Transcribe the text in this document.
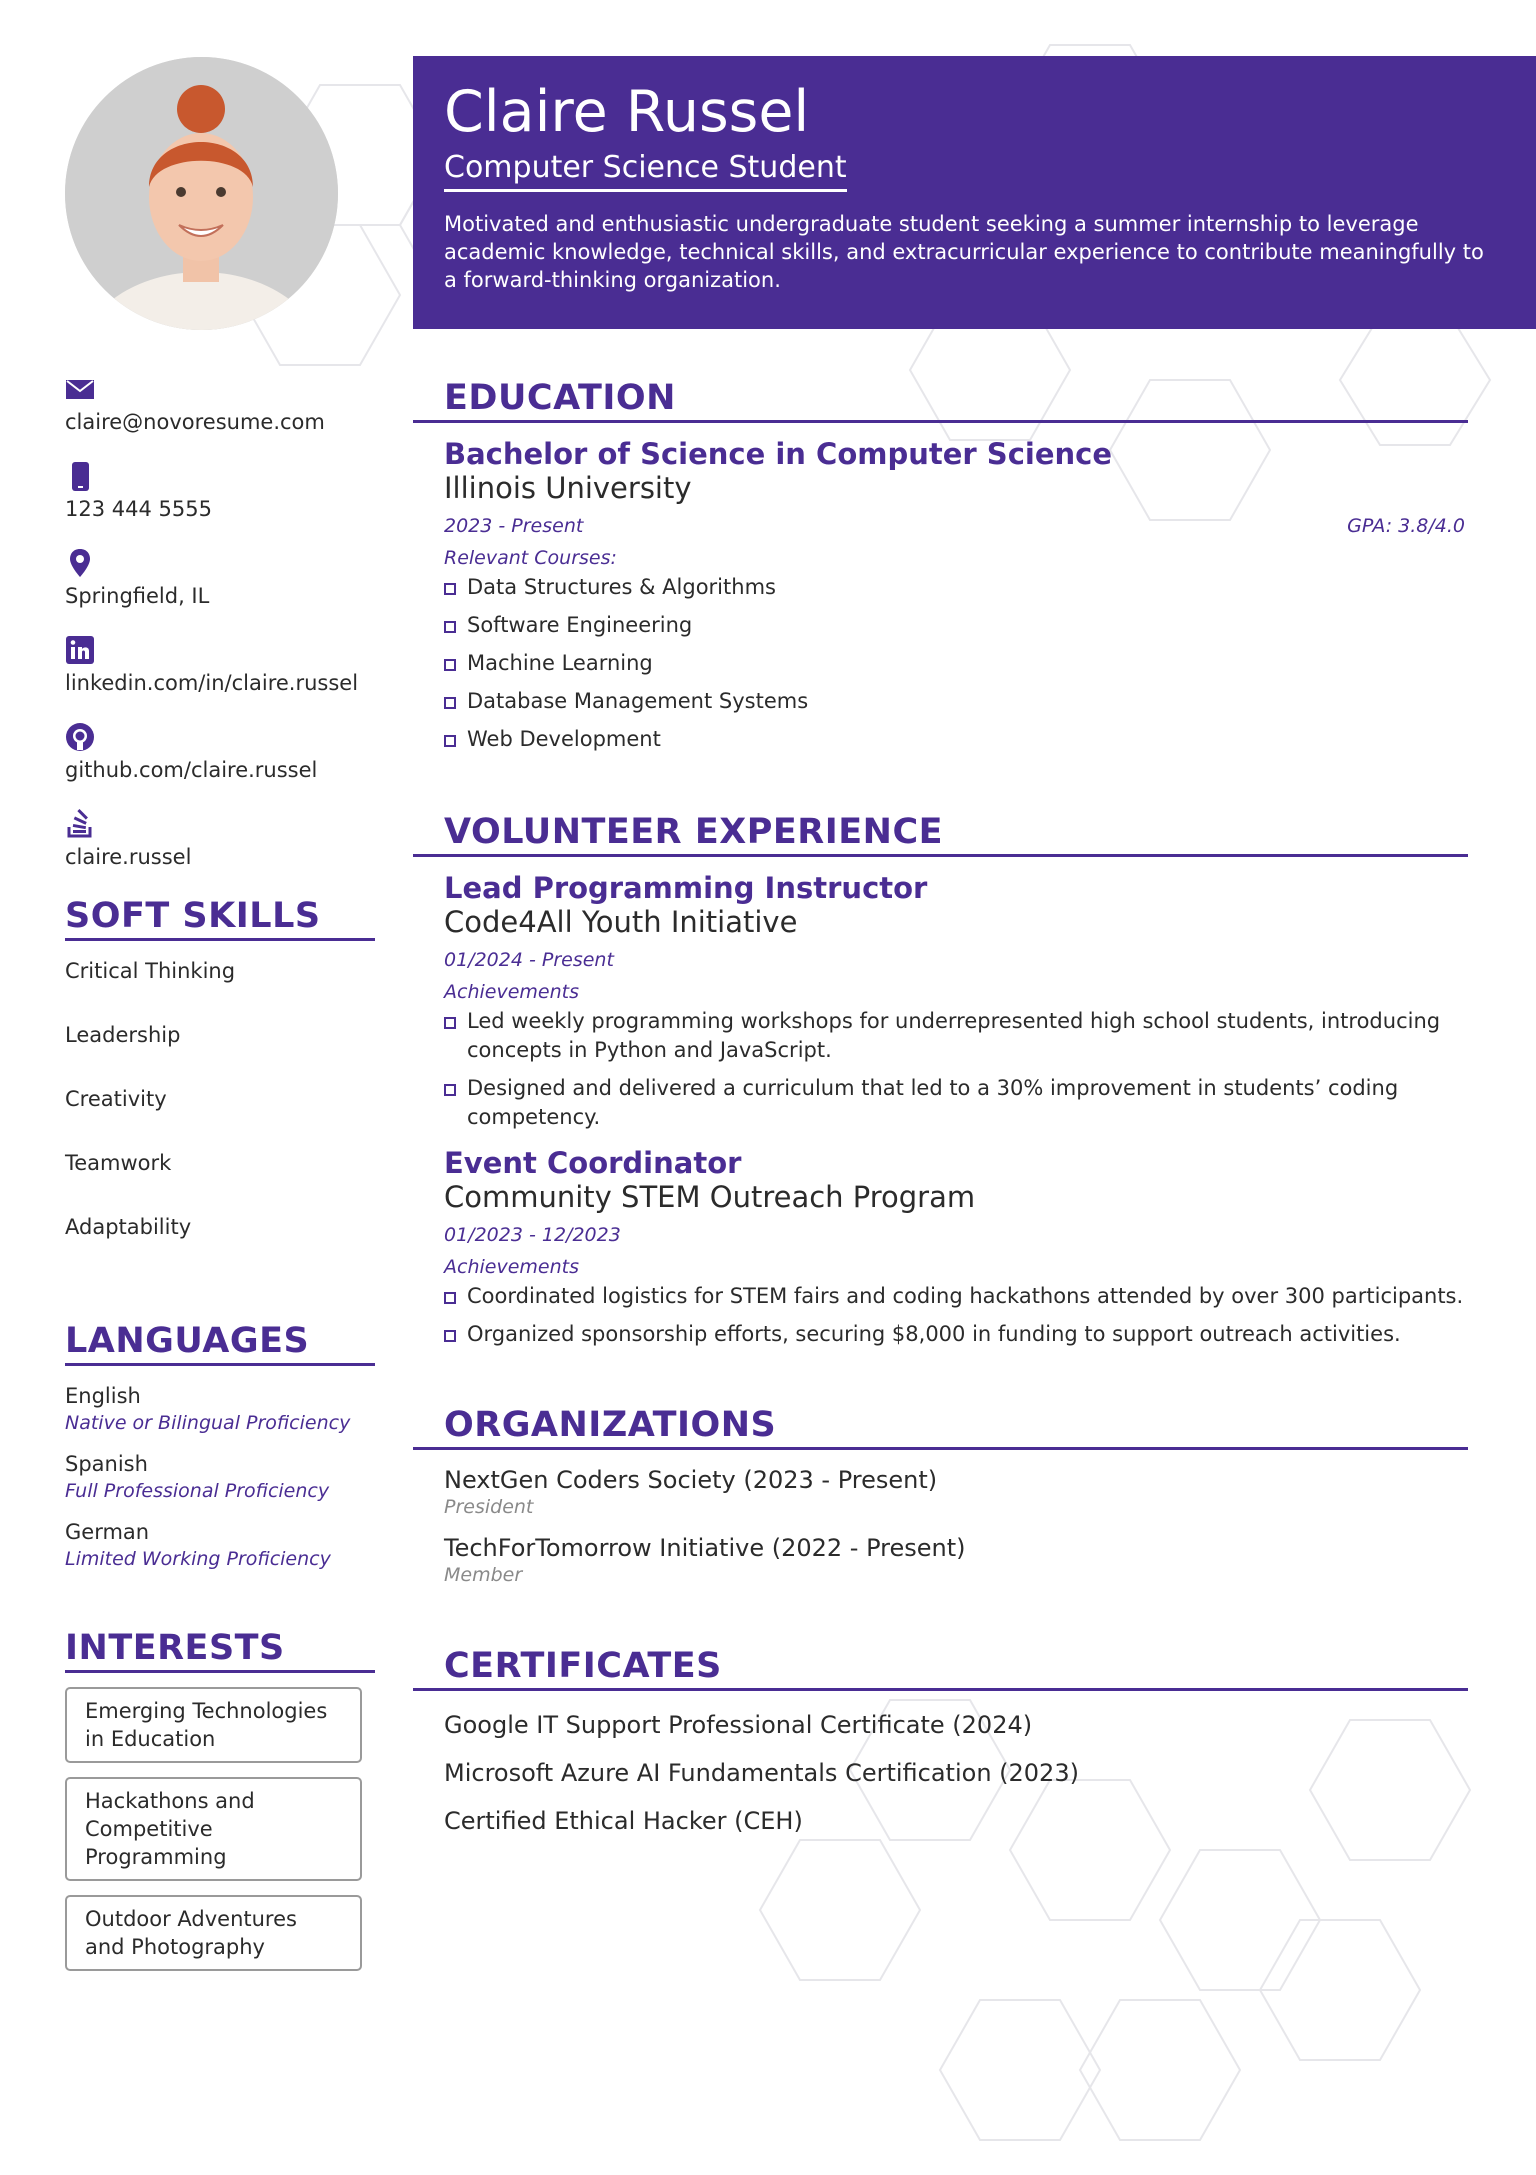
claire@novoresume.com
123 444 5555
Springfield, IL
linkedin.com/in/claire.russel
github.com/claire.russel
claire.russel
SOFT SKILLS
Critical Thinking
Leadership
Creativity
Teamwork
Adaptability
LANGUAGES
English
Native or Bilingual Proficiency
Spanish
Full Professional Proficiency
German
Limited Working Proficiency
INTERESTS
Emerging Technologies in Education
Hackathons and Competitive Programming
Outdoor Adventures and Photography
Claire Russel
Computer Science Student
Motivated and enthusiastic undergraduate student seeking a summer internship to leverage academic knowledge, technical skills, and extracurricular experience to contribute meaningfully to a forward-thinking organization.
EDUCATION
Bachelor of Science in Computer Science
Illinois University
2023 - Present	GPA: 3.8/4.0
Relevant Courses:
Data Structures & Algorithms
Software Engineering
Machine Learning
Database Management Systems
Web Development
VOLUNTEER EXPERIENCE
Lead Programming Instructor
Code4All Youth Initiative
01/2024 - Present
Achievements
Led weekly programming workshops for underrepresented high school students, introducing concepts in Python and JavaScript.
Designed and delivered a curriculum that led to a 30% improvement in students’ coding competency.
Event Coordinator
Community STEM Outreach Program
01/2023 - 12/2023
Achievements
Coordinated logistics for STEM fairs and coding hackathons attended by over 300 participants.
Organized sponsorship efforts, securing $8,000 in funding to support outreach activities.
ORGANIZATIONS
NextGen Coders Society (2023 - Present)
President
TechForTomorrow Initiative (2022 - Present)
Member
CERTIFICATES
Google IT Support Professional Certificate (2024)
Microsoft Azure AI Fundamentals Certification (2023)
Certified Ethical Hacker (CEH)
